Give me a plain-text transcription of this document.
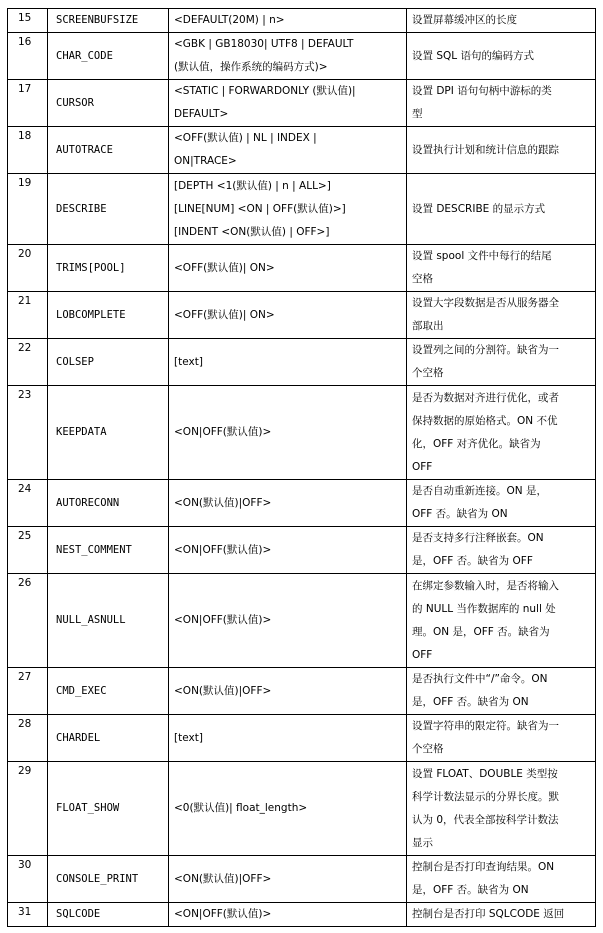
15	SCREENBUFSIZE	<DEFAULT(20M) | n>	设置屏幕缓冲区的长度

16	CHAR_CODE	<GBK | GB18030| UTF8 | DEFAULT
(默认值，操作系统的编码方式)>	设置 SQL 语句的编码方式

17	CURSOR	<STATIC | FORWARDONLY (默认值)|
DEFAULT>	设置 DPI 语句句柄中游标的类
型

18	AUTOTRACE	<OFF(默认值) | NL | INDEX |
ON|TRACE>	设置执行计划和统计信息的跟踪

19	DESCRIBE	[DEPTH <1(默认值) | n | ALL>]
[LINE[NUM] <ON | OFF(默认值)>]
[INDENT <ON(默认值) | OFF>]	设置 DESCRIBE 的显示方式

20	TRIMS[POOL]	<OFF(默认值)| ON>	设置 spool 文件中每行的结尾
空格

21	LOBCOMPLETE	<OFF(默认值)| ON>	设置大字段数据是否从服务器全
部取出

22	COLSEP	[text]	设置列之间的分割符。缺省为一
个空格

23	KEEPDATA	<ON|OFF(默认值)>	是否为数据对齐进行优化，或者
保持数据的原始格式。ON 不优
化，OFF 对齐优化。缺省为
OFF

24	AUTORECONN	<ON(默认值)|OFF>	是否自动重新连接。ON 是，
OFF 否。缺省为 ON

25	NEST_COMMENT	<ON|OFF(默认值)>	是否支持多行注释嵌套。ON
是，OFF 否。缺省为 OFF

26	NULL_ASNULL	<ON|OFF(默认值)>	在绑定参数输入时，是否将输入
的 NULL 当作数据库的 null 处
理。ON 是，OFF 否。缺省为
OFF

27	CMD_EXEC	<ON(默认值)|OFF>	是否执行文件中“/”命令。ON
是，OFF 否。缺省为 ON

28	CHARDEL	[text]	设置字符串的限定符。缺省为一
个空格

29	FLOAT_SHOW	<0(默认值)| float_length>	设置 FLOAT、DOUBLE 类型按
科学计数法显示的分界长度。默
认为 0，代表全部按科学计数法
显示

30	CONSOLE_PRINT	<ON(默认值)|OFF>	控制台是否打印查询结果。ON
是，OFF 否。缺省为 ON

31	SQLCODE	<ON|OFF(默认值)>	控制台是否打印 SQLCODE 返回
